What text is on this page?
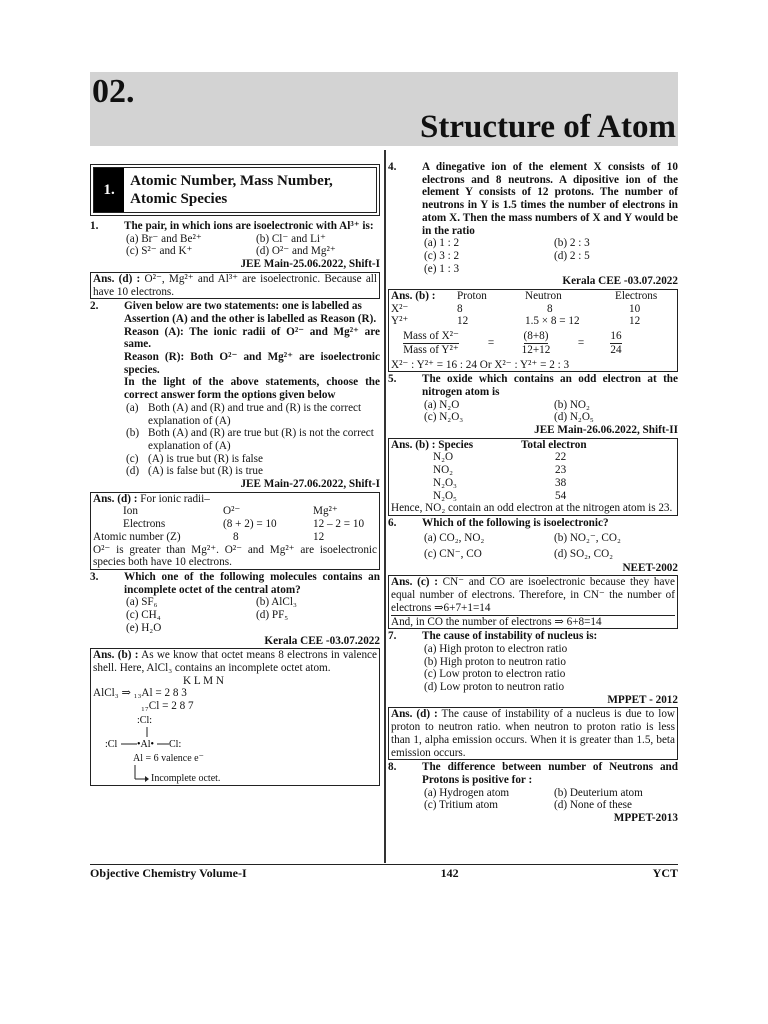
02.
Structure of Atom
1.
Atomic Number, Mass Number, Atomic Species
1.	The pair, in which ions are isoelectronic with Al³⁺ is:
(a) Br⁻ and Be²⁺	(b) Cl⁻ and Li⁺
(c) S²⁻ and K⁺	(d) O²⁻ and Mg²⁺
JEE Main-25.06.2022, Shift-I
Ans. (d) : O²⁻, Mg²⁺ and Al³⁺ are isoelectronic. Because all have 10 electrons.
2.	Given below are two statements: one is labelled as
Assertion (A) and the other is labelled as Reason (R).
Reason (A): The ionic radii of O²⁻ and Mg²⁺ are same.
Reason (R): Both O²⁻ and Mg²⁺ are isoelectronic species.
In the light of the above statements, choose the correct answer form the options given below
(a) Both (A) and (R) and true and (R) is the correct explanation of (A)
(b) Both (A) and (R) are true but (R) is not the correct explanation of (A)
(c) (A) is true but (R) is false
(d) (A) is false but (R) is true
JEE Main-27.06.2022, Shift-I
Ans. (d) : For ionic radii–
Ion	O²⁻	Mg²⁺
Electrons	(8 + 2) = 10	12 – 2 = 10
Atomic number (Z)	8	12
O²⁻ is greater than Mg²⁺. O²⁻ and Mg²⁺ are isoelectronic species both have 10 electrons.
3.	Which one of the following molecules contains an incomplete octet of the central atom?
(a) SF₆	(b) AlCl₃
(c) CH₄	(d) PF₅
(e) H₂O
Kerala CEE -03.07.2022
Ans. (b) : As we know that octet means 8 electrons in valence shell. Here, AlCl₃ contains an incomplete octet atom.
K L M N
AlCl₃ ⇒ ₁₃Al = 2 8 3
₁₇Cl = 2 8 7
:Cl:
:Cl •Al• Cl:
Al = 6 valence e⁻
Incomplete octet.
4.	A dinegative ion of the element X consists of 10 electrons and 8 neutrons. A dipositive ion of the element Y consists of 12 protons. The number of neutrons in Y is 1.5 times the number of electrons in atom X. Then the mass numbers of X and Y would be in the ratio
(a) 1 : 2	(b) 2 : 3
(c) 3 : 2	(d) 2 : 5
(e) 1 : 3
Kerala CEE -03.07.2022
Ans. (b) :	Proton	Neutron	Electrons
X²⁻	8	8	10
Y²⁺	12	1.5 × 8 = 12	12
$\frac{\text{Mass of X²⁻}}{\text{Mass of Y²⁺}}$	=	$\frac{(8+8)}{12+12}$	=	$\frac{16}{24}$
X²⁻ : Y²⁺ = 16 : 24 Or X²⁻ : Y²⁺ = 2 : 3
5.	The oxide which contains an odd electron at the nitrogen atom is
(a) N₂O	(b) NO₂
(c) N₂O₃	(d) N₂O₅
JEE Main-26.06.2022, Shift-II
Ans. (b) : Species	Total electron
N₂O	22
NO₂	23
N₂O₃	38
N₂O₅	54
Hence, NO₂ contain an odd electron at the nitrogen atom is 23.
6.	Which of the following is isoelectronic?
(a) CO₂, NO₂	(b) NO₂⁻, CO₂
(c) CN⁻, CO	(d) SO₂, CO₂
NEET-2002
Ans. (c) : CN⁻ and CO are isoelectronic because they have equal number of electrons. Therefore, in CN⁻ the number of electrons ⇒6+7+1=14
And, in CO the number of electrons ⇒ 6+8=14
7.	The cause of instability of nucleus is:
(a) High proton to electron ratio
(b) High proton to neutron ratio
(c) Low proton to electron ratio
(d) Low proton to neutron ratio
MPPET - 2012
Ans. (d) : The cause of instability of a nucleus is due to low proton to neutron ratio. when neutron to proton ratio is less than 1, alpha emission occurs. When it is greater than 1.5, beta emission occurs.
8.	The difference between number of Neutrons and Protons is positive for :
(a) Hydrogen atom	(b) Deuterium atom
(c) Tritium atom	(d) None of these
MPPET-2013
Objective Chemistry Volume-I	142	YCT
